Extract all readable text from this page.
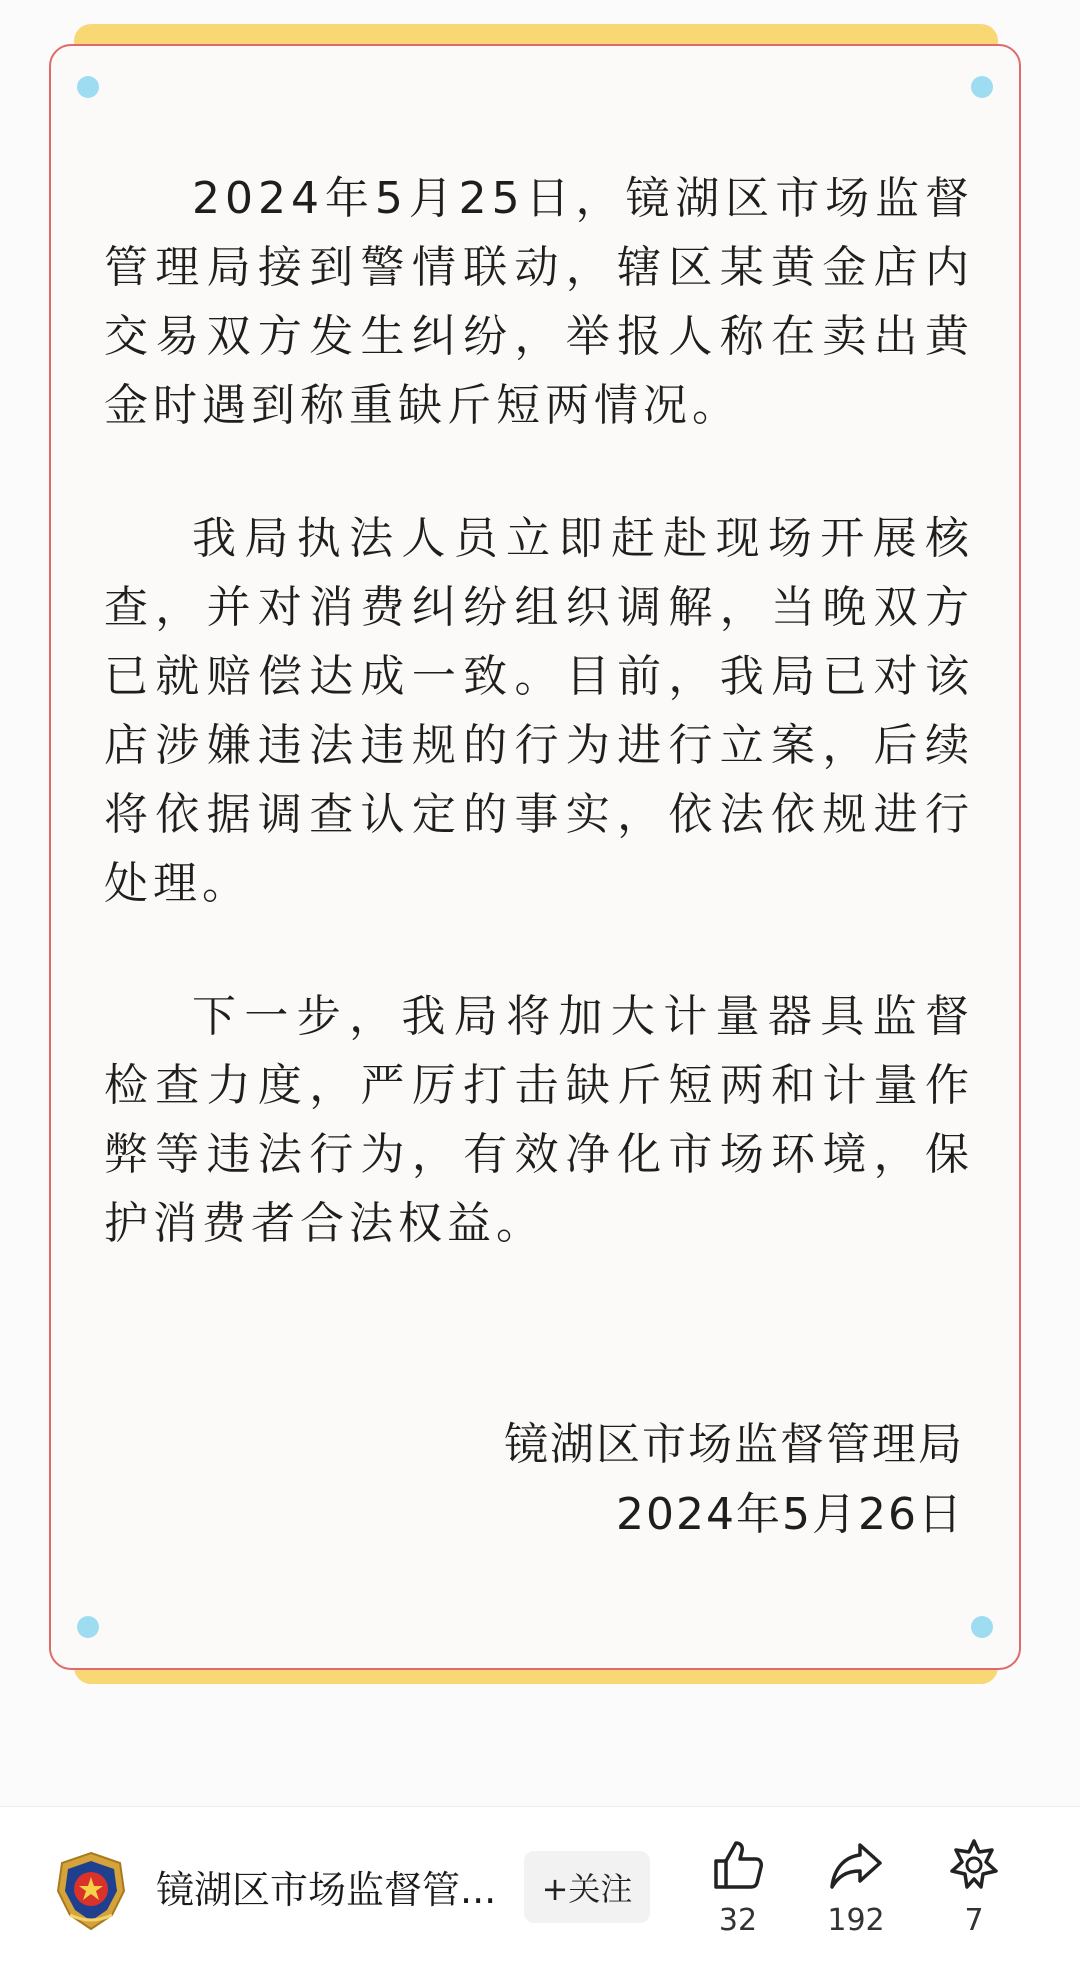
2024年5月25日，镜湖区市场监督管理局接到警情联动，辖区某黄金店内交易双方发生纠纷，举报人称在卖出黄金时遇到称重缺斤短两情况。

我局执法人员立即赶赴现场开展核查，并对消费纠纷组织调解，当晚双方已就赔偿达成一致。目前，我局已对该店涉嫌违法违规的行为进行立案，后续将依据调查认定的事实，依法依规进行处理。

下一步，我局将加大计量器具监督检查力度，严厉打击缺斤短两和计量作弊等违法行为，有效净化市场环境，保护消费者合法权益。

镜湖区市场监督管理局
2024年5月26日
镜湖区市场监督管...	+关注
32	192	7
